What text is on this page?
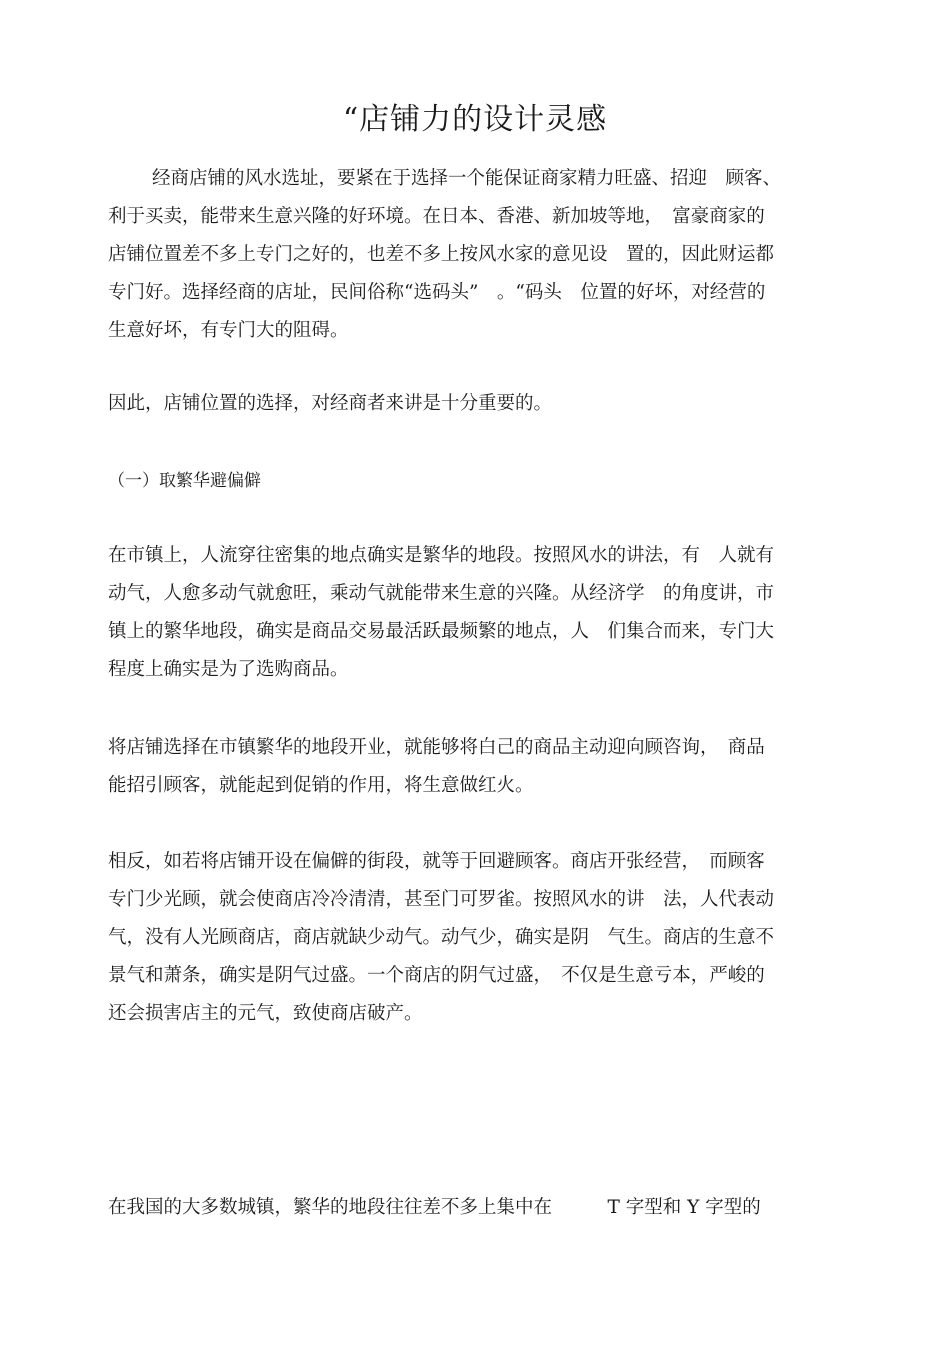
“店铺力的设计灵感
经商店铺的风水选址，要紧在于选择一个能保证商家精力旺盛、招迎　顾客、
利于买卖，能带来生意兴隆的好环境。在日本、香港、新加坡等地，　富豪商家的
店铺位置差不多上专门之好的，也差不多上按风水家的意见设　置的，因此财运都
专门好。选择经商的店址，民间俗称“选码头”　。“码头　位置的好坏，对经营的
生意好坏，有专门大的阻碍。
因此，店铺位置的选择，对经商者来讲是十分重要的。
（一）取繁华避偏僻
在市镇上，人流穿往密集的地点确实是繁华的地段。按照风水的讲法，有　人就有
动气，人愈多动气就愈旺，乘动气就能带来生意的兴隆。从经济学　的角度讲，市
镇上的繁华地段，确实是商品交易最活跃最频繁的地点，人　们集合而来，专门大
程度上确实是为了选购商品。
将店铺选择在市镇繁华的地段开业，就能够将白己的商品主动迎向顾咨询，　商品
能招引顾客，就能起到促销的作用，将生意做红火。
相反，如若将店铺开设在偏僻的街段，就等于回避顾客。商店开张经营，　而顾客
专门少光顾，就会使商店冷冷清清，甚至门可罗雀。按照风水的讲　法，人代表动
气，没有人光顾商店，商店就缺少动气。动气少，确实是阴　气生。商店的生意不
景气和萧条，确实是阴气过盛。一个商店的阴气过盛，　不仅是生意亏本，严峻的
还会损害店主的元气，致使商店破产。
在我国的大多数城镇，繁华的地段往往差不多上集中在　　　T 字型和 Y 字型的
